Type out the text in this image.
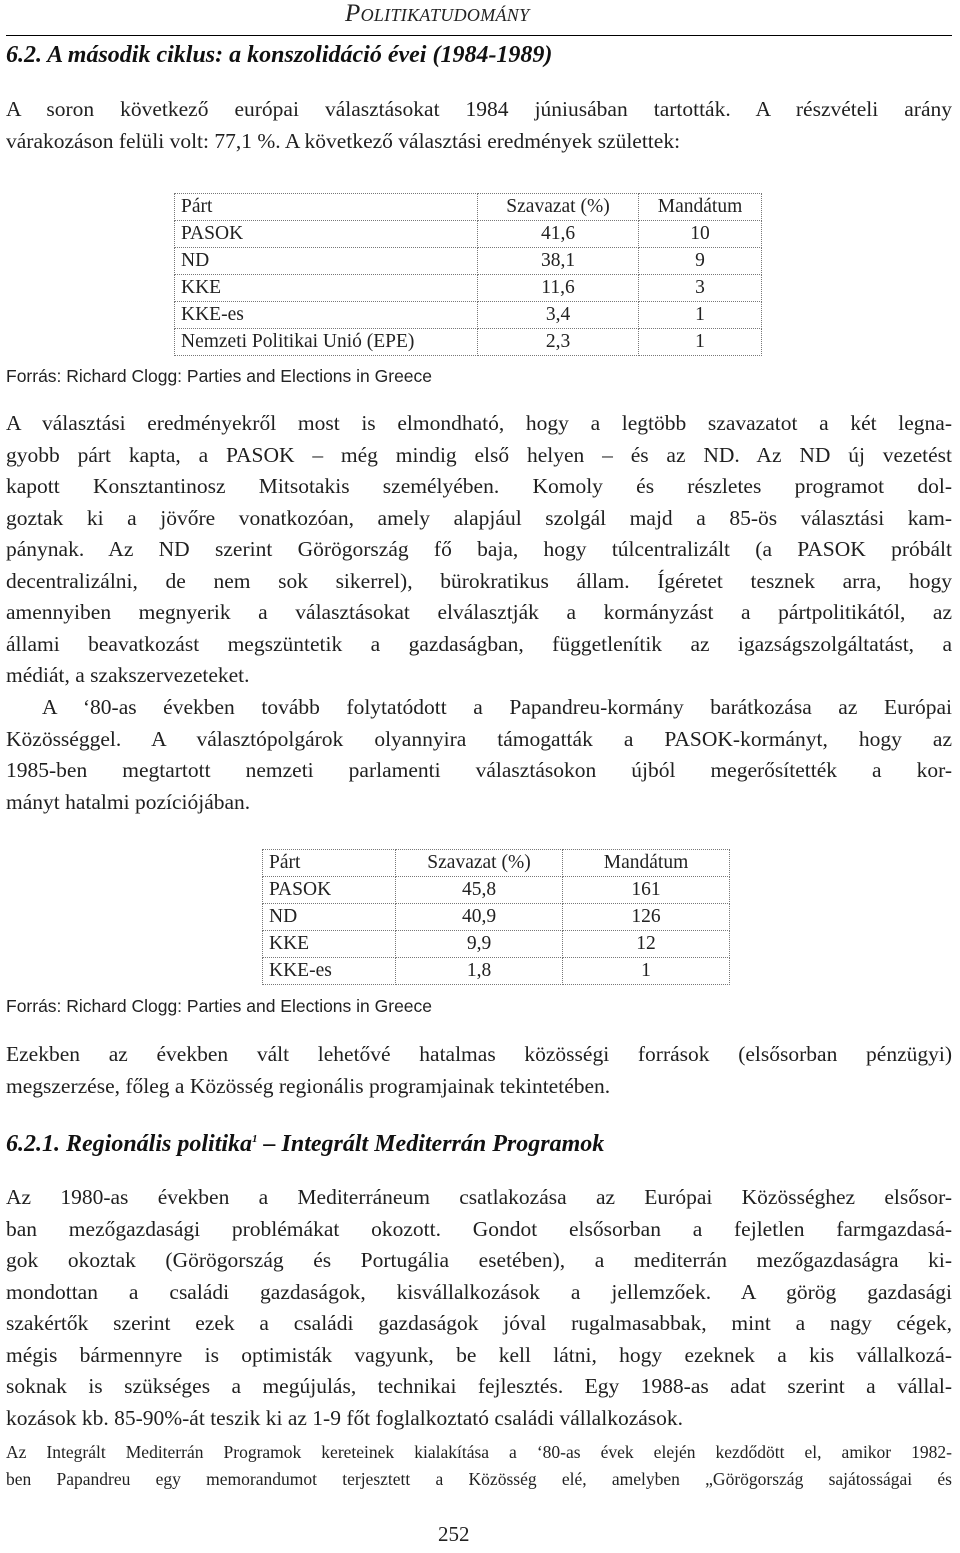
Politikatudomány
6.2. A második ciklus: a konszolidáció évei (1984-1989)
A soron következő európai választásokat 1984 júniusában tartották. A részvételi arány
várakozáson felüli volt: 77,1 %. A következő választási eredmények születtek:
Párt	Szavazat (%)	Mandátum
PASOK	41,6	10
ND	38,1	9
KKE	11,6	3
KKE-es	3,4	1
Nemzeti Politikai Unió (EPE)	2,3	1
Forrás: Richard Clogg: Parties and Elections in Greece
A választási eredményekről most is elmondható, hogy a legtöbb szavazatot a két legna-
gyobb párt kapta, a PASOK – még mindig első helyen – és az ND. Az ND új vezetést
kapott Konsztantinosz Mitsotakis személyében. Komoly és részletes programot dol-
goztak ki a jövőre vonatkozóan, amely alapjául szolgál majd a 85-ös választási kam-
pánynak. Az ND szerint Görögország fő baja, hogy túlcentralizált (a PASOK próbált
decentralizálni, de nem sok sikerrel), bürokratikus állam. Ígéretet tesznek arra, hogy
amennyiben megnyerik a választásokat elválasztják a kormányzást a pártpolitikától, az
állami beavatkozást megszüntetik a gazdaságban, függetlenítik az igazságszolgáltatást, a
médiát, a szakszervezeteket.
A ‘80-as években tovább folytatódott a Papandreu-kormány barátkozása az Európai
Közösséggel. A választópolgárok olyannyira támogatták a PASOK-kormányt, hogy az
1985-ben megtartott nemzeti parlamenti választásokon újból megerősítették a kor-
mányt hatalmi pozíciójában.
Párt	Szavazat (%)	Mandátum
PASOK	45,8	161
ND	40,9	126
KKE	9,9	12
KKE-es	1,8	1
Forrás: Richard Clogg: Parties and Elections in Greece
Ezekben az években vált lehetővé hatalmas közösségi források (elsősorban pénzügyi)
megszerzése, főleg a Közösség regionális programjainak tekintetében.
6.2.1. Regionális politika$^1$ – Integrált Mediterrán Programok
Az 1980-as években a Mediterráneum csatlakozása az Európai Közösséghez elsősor-
ban mezőgazdasági problémákat okozott. Gondot elsősorban a fejletlen farmgazdasá-
gok okoztak (Görögország és Portugália esetében), a mediterrán mezőgazdaságra ki-
mondottan a családi gazdaságok, kisvállalkozások a jellemzőek. A görög gazdasági
szakértők szerint ezek a családi gazdaságok jóval rugalmasabbak, mint a nagy cégek,
mégis bármennyre is optimisták vagyunk, be kell látni, hogy ezeknek a kis vállalkozá-
soknak is szükséges a megújulás, technikai fejlesztés. Egy 1988-as adat szerint a vállal-
kozások kb. 85-90%-át teszik ki az 1-9 főt foglalkoztató családi vállalkozások.
Az Integrált Mediterrán Programok kereteinek kialakítása a ‘80-as évek elején kezdődött el, amikor 1982-
ben Papandreu egy memorandumot terjesztett a Közösség elé, amelyben „Görögország sajátosságai és
252
